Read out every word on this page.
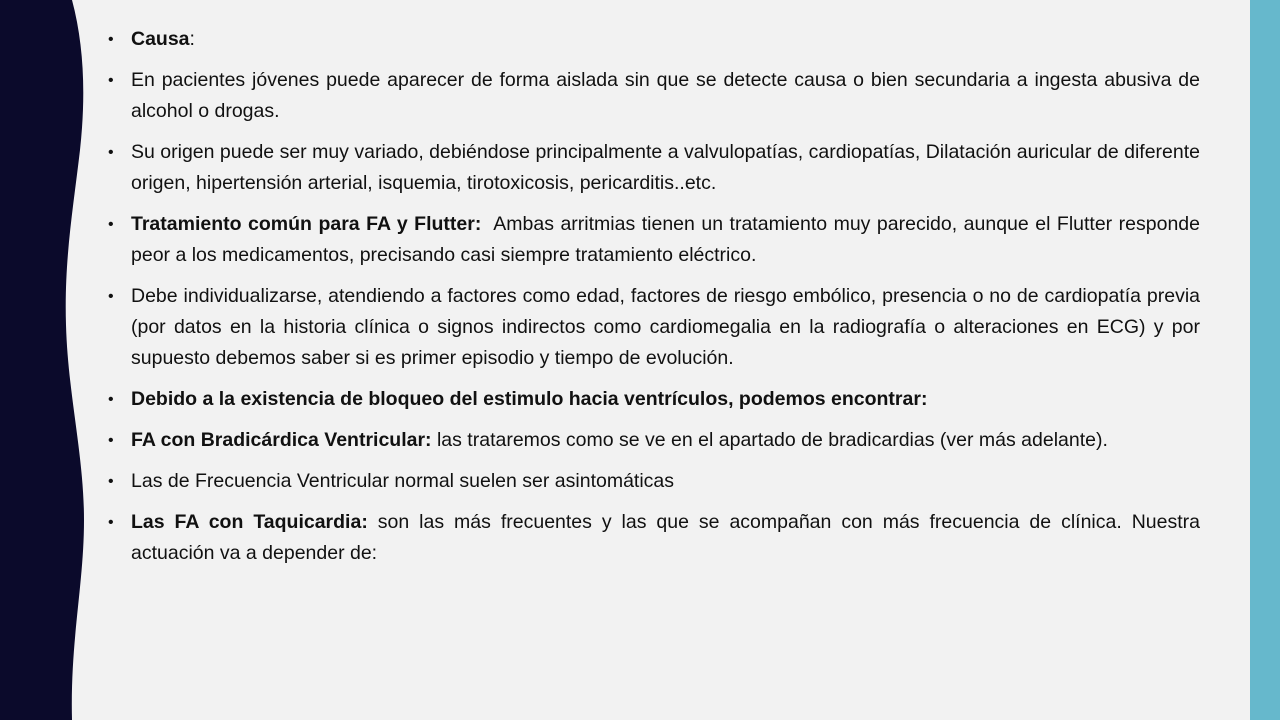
• Causa:
• En pacientes jóvenes puede aparecer de forma aislada sin que se detecte causa o bien secundaria a ingesta abusiva de alcohol o drogas.
• Su origen puede ser muy variado, debiéndose principalmente a valvulopatías, cardiopatías, Dilatación auricular de diferente origen, hipertensión arterial, isquemia, tirotoxicosis, pericarditis..etc.
• Tratamiento común para FA y Flutter:  Ambas arritmias tienen un tratamiento muy parecido, aunque el Flutter responde peor a los medicamentos, precisando casi siempre tratamiento eléctrico.
• Debe individualizarse, atendiendo a factores como edad, factores de riesgo embólico, presencia o no de cardiopatía previa (por datos en la historia clínica o signos indirectos como cardiomegalia en la radiografía o alteraciones en ECG) y por supuesto debemos saber si es primer episodio y tiempo de evolución.
• Debido a la existencia de bloqueo del estimulo hacia ventrículos, podemos encontrar:
• FA con Bradicárdica Ventricular: las trataremos como se ve en el apartado de bradicardias (ver más adelante).
• Las de Frecuencia Ventricular normal suelen ser asintomáticas
• Las FA con Taquicardia: son las más frecuentes y las que se acompañan con más frecuencia de clínica. Nuestra actuación va a depender de:
